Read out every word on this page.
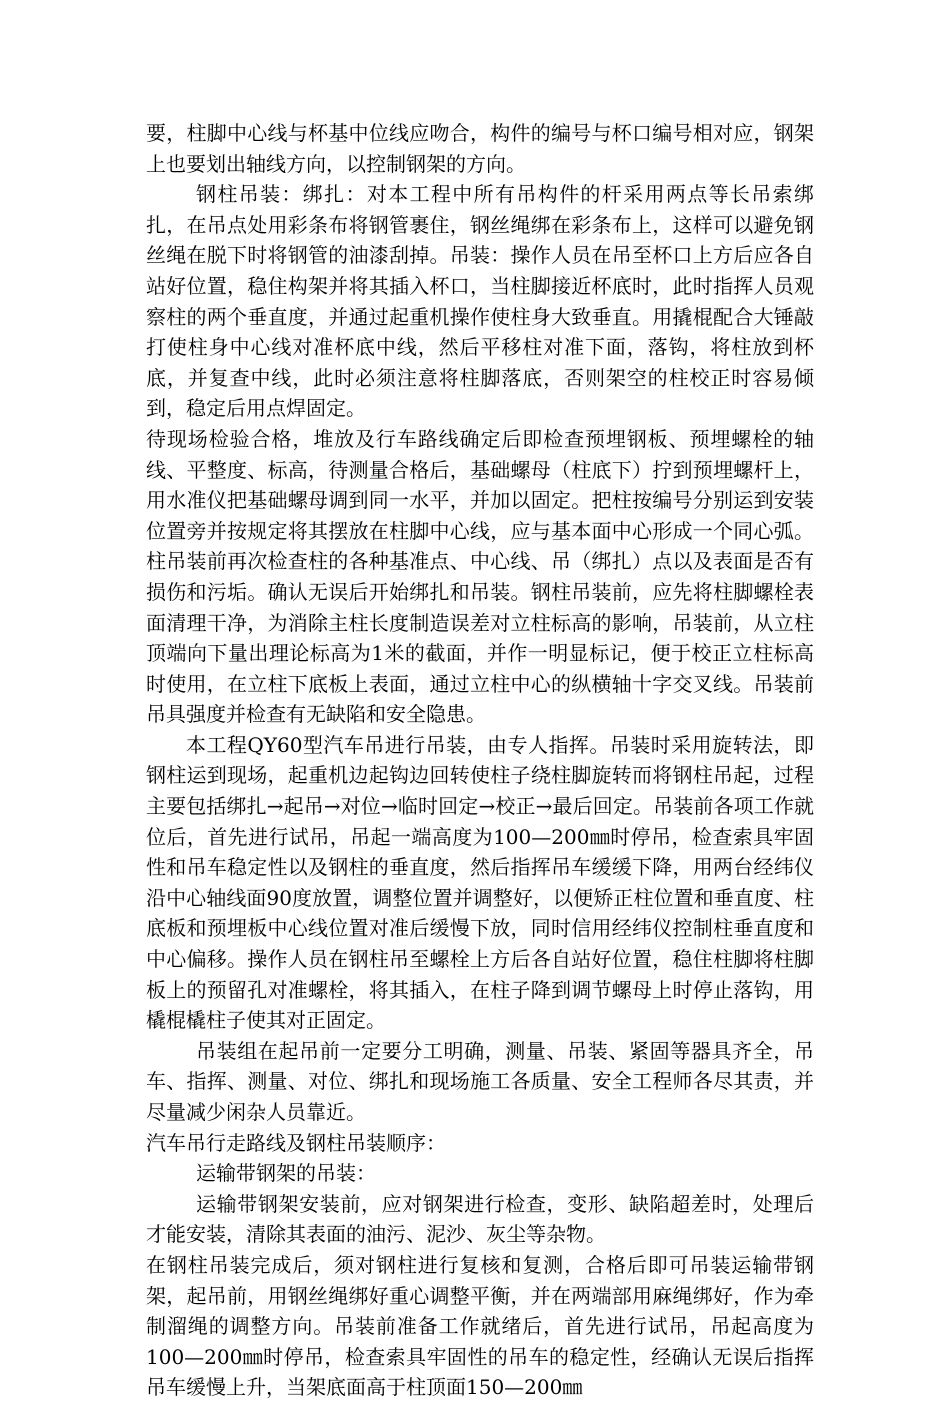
要，柱脚中心线与杯基中位线应吻合，构件的编号与杯口编号相对应，钢架上也要划出轴线方向，以控制钢架的方向。

钢柱吊装：绑扎：对本工程中所有吊构件的杆采用两点等长吊索绑扎，在吊点处用彩条布将钢管裹住，钢丝绳绑在彩条布上，这样可以避免钢丝绳在脱下时将钢管的油漆刮掉。吊装：操作人员在吊至杯口上方后应各自站好位置，稳住构架并将其插入杯口，当柱脚接近杯底时，此时指挥人员观察柱的两个垂直度，并通过起重机操作使柱身大致垂直。用撬棍配合大锤敲打使柱身中心线对准杯底中线，然后平移柱对准下面，落钩，将柱放到杯底，并复查中线，此时必须注意将柱脚落底，否则架空的柱校正时容易倾到，稳定后用点焊固定。

待现场检验合格，堆放及行车路线确定后即检查预埋钢板、预埋螺栓的轴线、平整度、标高，待测量合格后，基础螺母（柱底下）拧到预埋螺杆上，用水准仪把基础螺母调到同一水平，并加以固定。把柱按编号分别运到安装位置旁并按规定将其摆放在柱脚中心线，应与基本面中心形成一个同心弧。柱吊装前再次检查柱的各种基准点、中心线、吊（绑扎）点以及表面是否有损伤和污垢。确认无误后开始绑扎和吊装。钢柱吊装前，应先将柱脚螺栓表面清理干净，为消除主柱长度制造误差对立柱标高的影响，吊装前，从立柱顶端向下量出理论标高为1米的截面，并作一明显标记，便于校正立柱标高时使用，在立柱下底板上表面，通过立柱中心的纵横轴十字交叉线。吊装前吊具强度并检查有无缺陷和安全隐患。

本工程QY60型汽车吊进行吊装，由专人指挥。吊装时采用旋转法，即钢柱运到现场，起重机边起钩边回转使柱子绕柱脚旋转而将钢柱吊起，过程主要包括绑扎→起吊→对位→临时回定→校正→最后回定。吊装前各项工作就位后，首先进行试吊，吊起一端高度为100—200㎜时停吊，检查索具牢固性和吊车稳定性以及钢柱的垂直度，然后指挥吊车缓缓下降，用两台经纬仪沿中心轴线面90度放置，调整位置并调整好，以便矫正柱位置和垂直度、柱底板和预埋板中心线位置对准后缓慢下放，同时信用经纬仪控制柱垂直度和中心偏移。操作人员在钢柱吊至螺栓上方后各自站好位置，稳住柱脚将柱脚板上的预留孔对准螺栓，将其插入，在柱子降到调节螺母上时停止落钩，用橇棍橇柱子使其对正固定。

吊装组在起吊前一定要分工明确，测量、吊装、紧固等器具齐全，吊车、指挥、测量、对位、绑扎和现场施工各质量、安全工程师各尽其责，并尽量减少闲杂人员靠近。

汽车吊行走路线及钢柱吊装顺序：

运输带钢架的吊装：

运输带钢架安装前，应对钢架进行检查，变形、缺陷超差时，处理后才能安装，清除其表面的油污、泥沙、灰尘等杂物。

在钢柱吊装完成后，须对钢柱进行复核和复测，合格后即可吊装运输带钢架，起吊前，用钢丝绳绑好重心调整平衡，并在两端部用麻绳绑好，作为牵制溜绳的调整方向。吊装前准备工作就绪后，首先进行试吊，吊起高度为100—200㎜时停吊，检查索具牢固性的吊车的稳定性，经确认无误后指挥吊车缓慢上升，当架底面高于柱顶面150—200㎜
